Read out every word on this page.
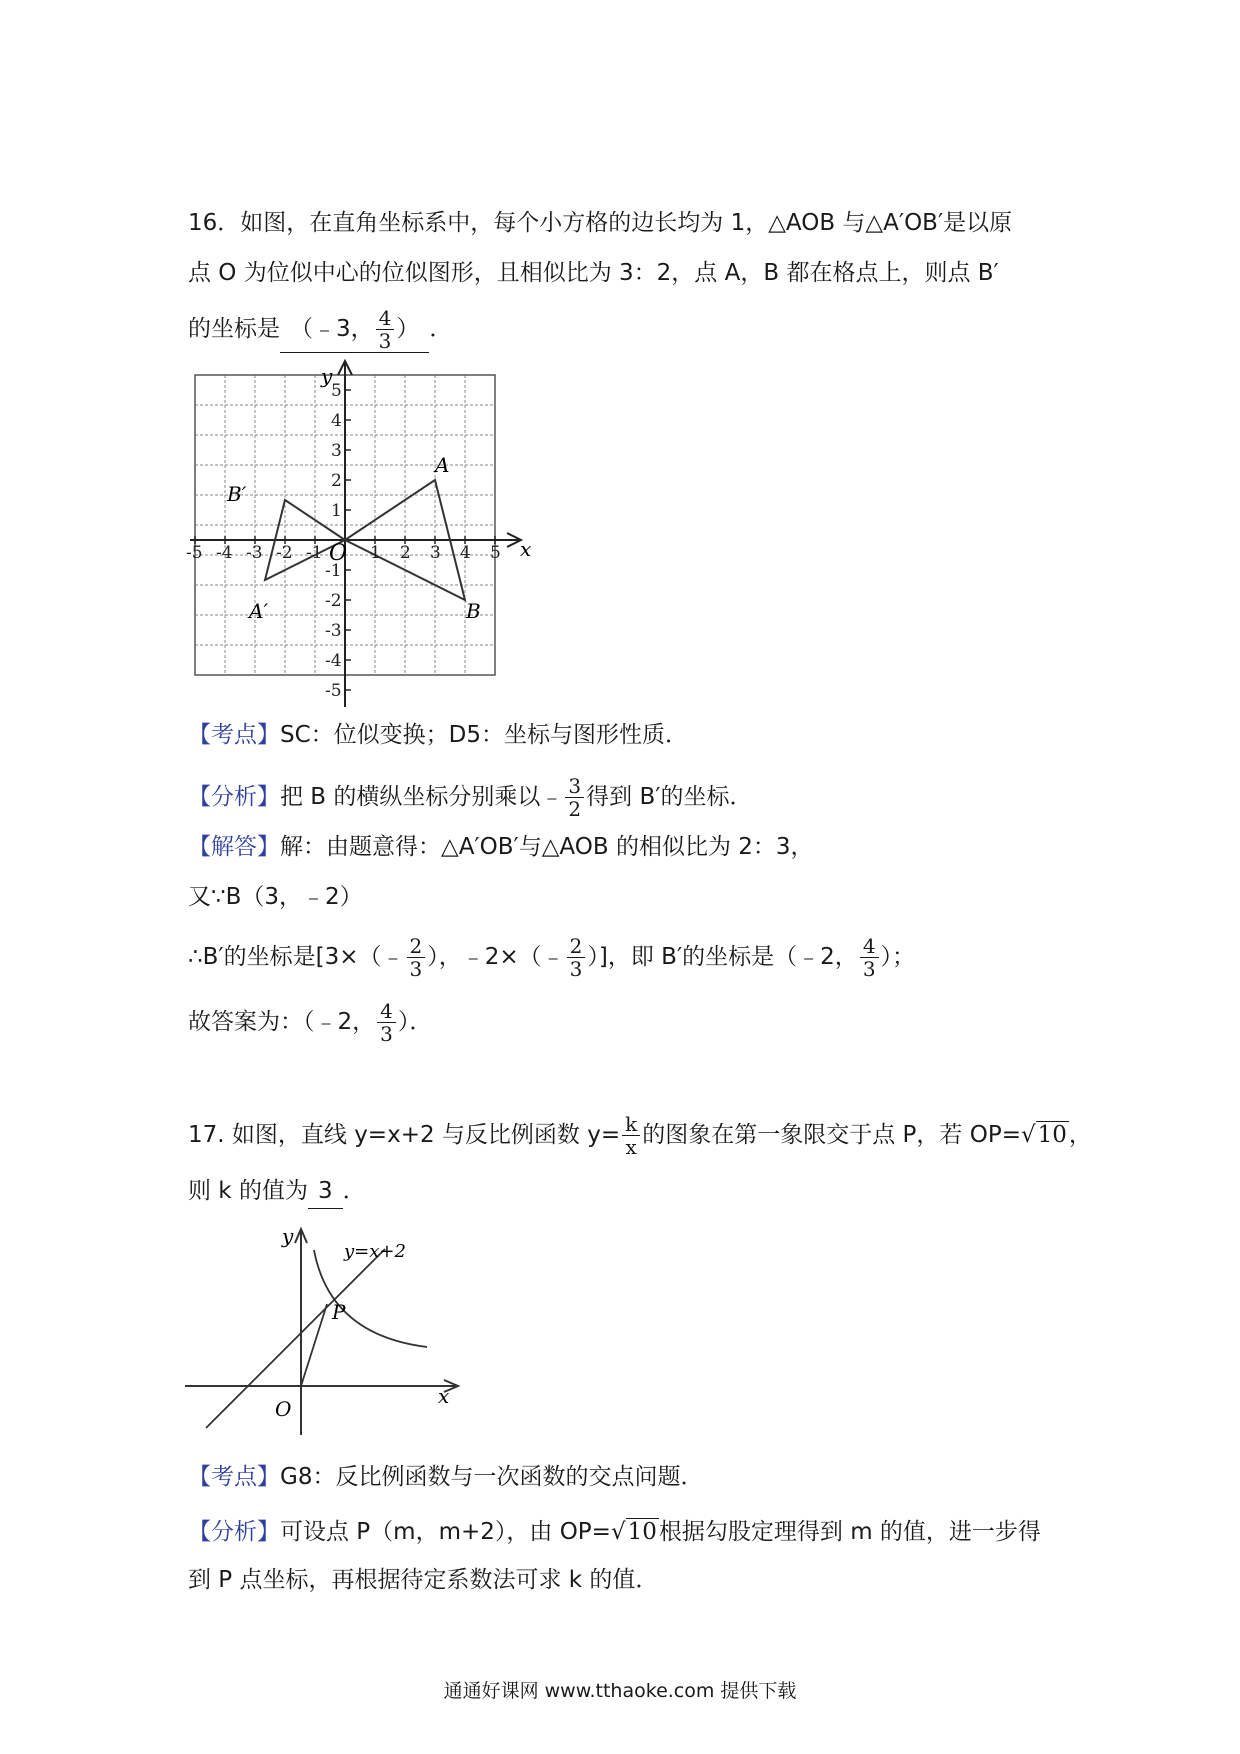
16．如图，在直角坐标系中，每个小方格的边长均为 1，△AOB 与△A′OB′是以原
点 O 为位似中心的位似图形，且相似比为 3：2，点 A，B 都在格点上，则点 B′
的坐标是 （﹣3， $\frac{4}{3}$ ） ．
-5 -4 -3 -2 -1	1 2 3 4 5
5
4
3
2
1
-1
-2
-3
-4
-5
x
y
O
A
B
A′
B′
【考点】SC：位似变换；D5：坐标与图形性质．
【分析】把 B 的横纵坐标分别乘以﹣ $\frac{3}{2}$ 得到 B′的坐标．
【解答】解：由题意得：△A′OB′与△AOB 的相似比为 2：3，
又∵B（3，﹣2）
∴B′的坐标是[3×（﹣ $\frac{2}{3}$ ），﹣2×（﹣ $\frac{2}{3}$ ）]，即 B′的坐标是（﹣2， $\frac{4}{3}$ ）；
故答案为：（﹣2， $\frac{4}{3}$ ）．
17. 如图，直线 y=x+2 与反比例函数 $y= \frac{k}{x}$ 的图象在第一象限交于点 P，若 OP=√10，
则 k 的值为 3 ．
x
y
O
P
y=x+2
【考点】G8：反比例函数与一次函数的交点问题．
【分析】可设点 P（m，m+2），由 OP=√10根据勾股定理得到 m 的值，进一步得
到 P 点坐标，再根据待定系数法可求 k 的值．
通通好课网 www.tthaoke.com 提供下载
